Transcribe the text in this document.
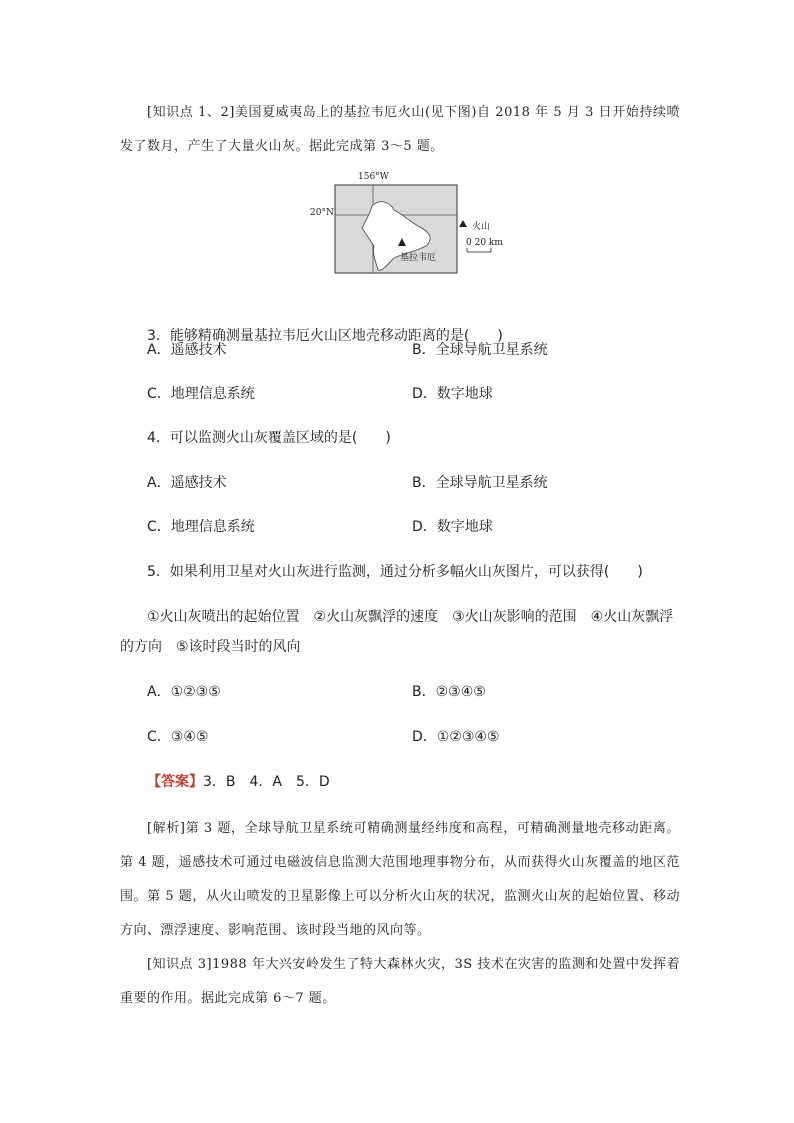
[知识点 1、2]美国夏威夷岛上的基拉韦厄火山(见下图)自 2018 年 5 月 3 日开始持续喷发了数月，产生了大量火山灰。据此完成第 3～5 题。
156°W
20°N
火山
0 20 km
基拉韦厄
3．能够精确测量基拉韦厄火山区地壳移动距离的是(　　)
A．遥感技术	B．全球导航卫星系统
C．地理信息系统	D．数字地球
4．可以监测火山灰覆盖区域的是(　　)
A．遥感技术	B．全球导航卫星系统
C．地理信息系统	D．数字地球
5．如果利用卫星对火山灰进行监测，通过分析多幅火山灰图片，可以获得(　　)
①火山灰喷出的起始位置　②火山灰飘浮的速度　③火山灰影响的范围　④火山灰飘浮的方向　⑤该时段当时的风向
A．①②③⑤	B．②③④⑤
C．③④⑤	D．①②③④⑤
【答案】3．B　4．A　5．D
[解析]第 3 题，全球导航卫星系统可精确测量经纬度和高程，可精确测量地壳移动距离。第 4 题，遥感技术可通过电磁波信息监测大范围地理事物分布，从而获得火山灰覆盖的地区范围。第 5 题，从火山喷发的卫星影像上可以分析火山灰的状况，监测火山灰的起始位置、移动方向、漂浮速度、影响范围、该时段当地的风向等。
[知识点 3]1988 年大兴安岭发生了特大森林火灾，3S 技术在灾害的监测和处置中发挥着重要的作用。据此完成第 6～7 题。
